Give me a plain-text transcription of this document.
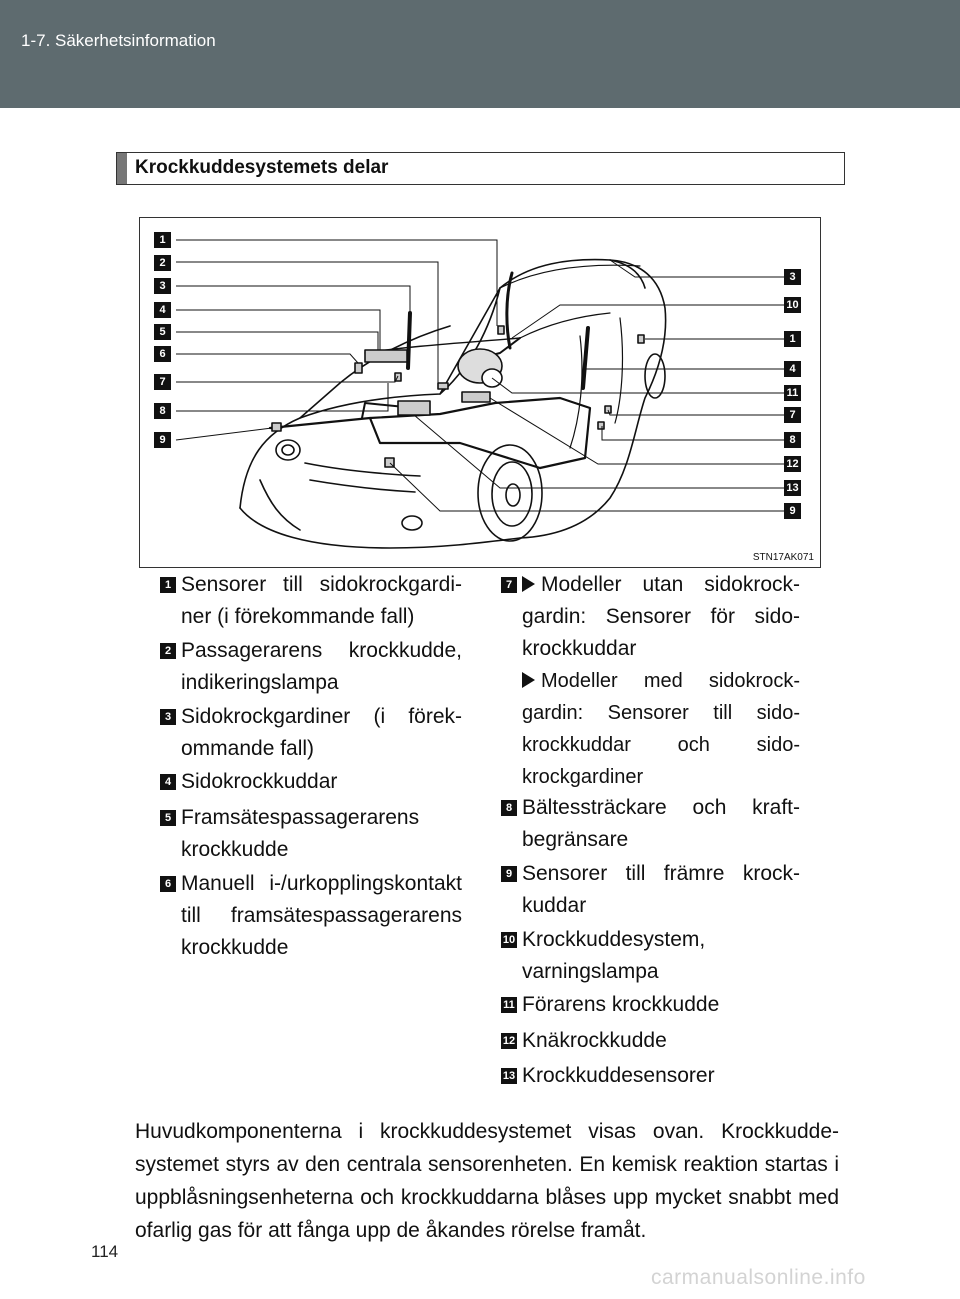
1-7. Säkerhetsinformation
Krockkuddesystemets delar
1
2
3
4
5
6
7
8
9
3
10
1
4
11
7
8
12
13
9
STN17AK071
1 Sensorer till sidokrockgardi-ner (i förekommande fall)
2 Passagerarens krockkudde, indikeringslampa
3 Sidokrockgardiner (i förek-ommande fall)
4 Sidokrockkuddar
5 Framsätespassagerarens krockkudde
6 Manuell i-/urkopplingskontakt till framsätespassagerarens krockkudde
7	Modeller utan sidokrock-gardin: Sensorer för sido-krockkuddar
Modeller med sidokrock-gardin: Sensorer till sido-krockkuddar och sido-krockgardiner
8 Bältessträckare och kraft-begränsare
9 Sensorer till främre krock-kuddar
10 Krockkuddesystem, varningslampa
11 Förarens krockkudde
12 Knäkrockkudde
13 Krockkuddesensorer
Huvudkomponenterna i krockkuddesystemet visas ovan. Krockkudde-systemet styrs av den centrala sensorenheten. En kemisk reaktion startas i uppblåsningsenheterna och krockkuddarna blåses upp mycket snabbt med ofarlig gas för att fånga upp de åkandes rörelse framåt.
114
carmanualsonline.info
